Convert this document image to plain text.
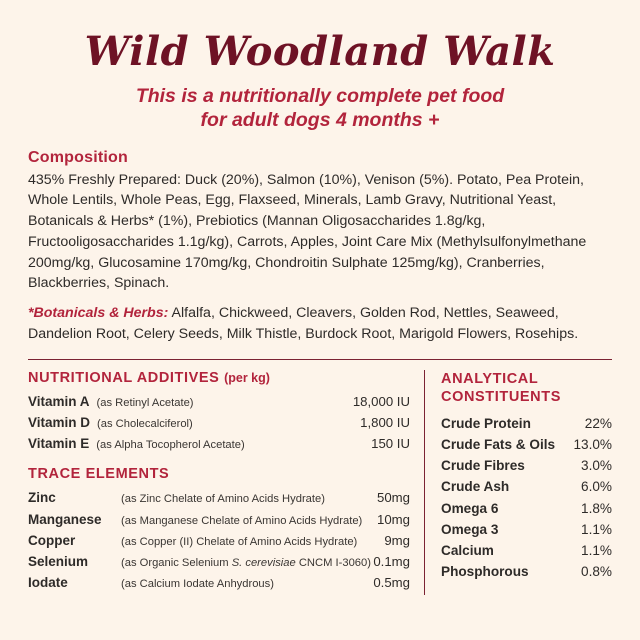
Wild Woodland Walk
This is a nutritionally complete pet food
for adult dogs 4 months +
Composition
435% Freshly Prepared: Duck (20%), Salmon (10%), Venison (5%). Potato, Pea Protein, Whole Lentils, Whole Peas, Egg, Flaxseed, Minerals, Lamb Gravy, Nutritional Yeast, Botanicals & Herbs* (1%), Prebiotics (Mannan Oligosaccharides 1.8g/kg, Fructooligosaccharides 1.1g/kg), Carrots, Apples, Joint Care Mix (Methylsulfonylmethane 200mg/kg, Glucosamine 170mg/kg, Chondroitin Sulphate 125mg/kg), Cranberries, Blackberries, Spinach.
*Botanicals & Herbs: Alfalfa, Chickweed, Cleavers, Golden Rod, Nettles, Seaweed, Dandelion Root, Celery Seeds, Milk Thistle, Burdock Root, Marigold Flowers, Rosehips.
NUTRITIONAL ADDITIVES (per kg)
Vitamin A (as Retinyl Acetate)	18,000 IU
Vitamin D (as Cholecalciferol)	1,800 IU
Vitamin E (as Alpha Tocopherol Acetate)	150 IU
TRACE ELEMENTS
Zinc	(as Zinc Chelate of Amino Acids Hydrate)	50mg
Manganese	(as Manganese Chelate of Amino Acids Hydrate)	10mg
Copper	(as Copper (II) Chelate of Amino Acids Hydrate)	9mg
Selenium	(as Organic Selenium S. cerevisiae CNCM I-3060) 0.1mg
Iodate	(as Calcium Iodate Anhydrous)	0.5mg
ANALYTICAL
CONSTITUENTS
Crude Protein	22%
Crude Fats & Oils 13.0%
Crude Fibres	3.0%
Crude Ash	6.0%
Omega 6	1.8%
Omega 3	1.1%
Calcium	1.1%
Phosphorous	0.8%
